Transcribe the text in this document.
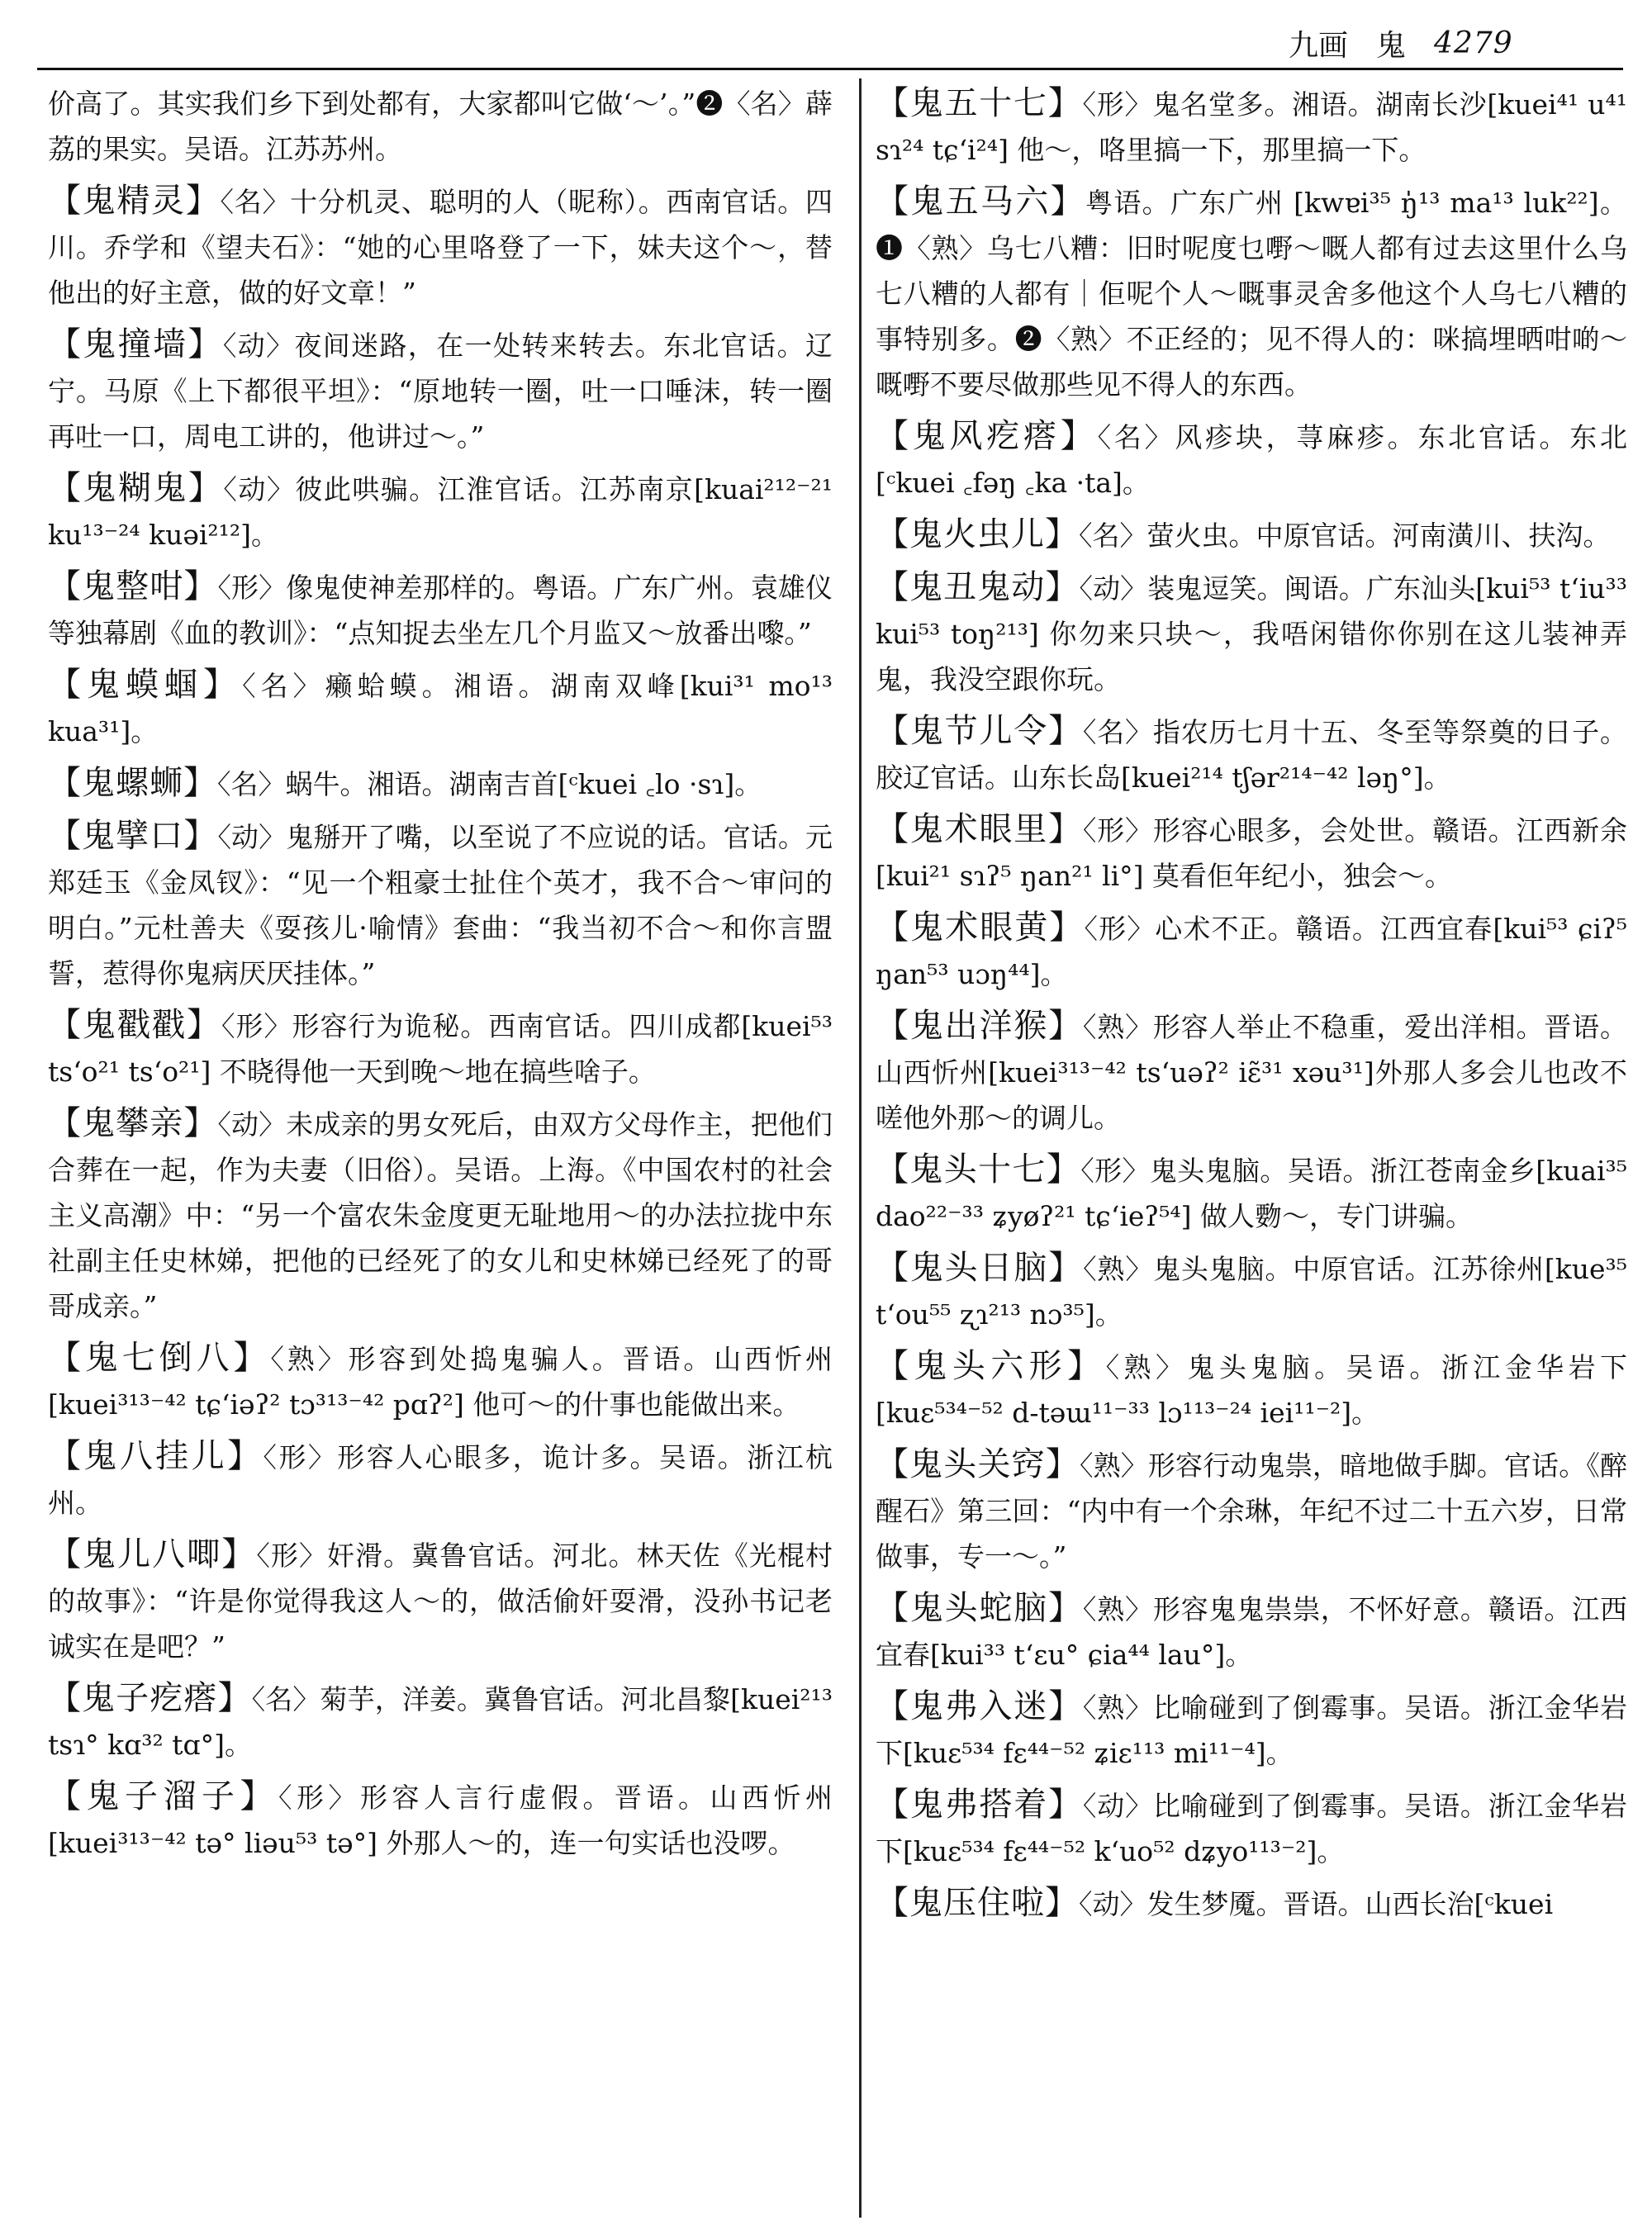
九画 鬼 4279
价高了。其实我们乡下到处都有，大家都叫它做‘～’。”❷〈名〉薜荔的果实。吴语。江苏苏州。
【鬼精灵】〈名〉十分机灵、聪明的人（昵称）。西南官话。四川。乔学和《望夫石》：“她的心里咯登了一下，妹夫这个～，替他出的好主意，做的好文章！”
【鬼撞墙】〈动〉夜间迷路，在一处转来转去。东北官话。辽宁。马原《上下都很平坦》：“原地转一圈，吐一口唾沫，转一圈再吐一口，周电工讲的，他讲过～。”
【鬼糊鬼】〈动〉彼此哄骗。江淮官话。江苏南京[kuai²¹²⁻²¹ ku¹³⁻²⁴ kuəi²¹²]。
【鬼整咁】〈形〉像鬼使神差那样的。粤语。广东广州。袁雄仪等独幕剧《血的教训》：“点知捉去坐左几个月监又～放番出嚟。”
【鬼蟆蝈】〈名〉癞蛤蟆。湘语。湖南双峰[kui³¹ mo¹³ kua³¹]。
【鬼螺蛳】〈名〉蜗牛。湘语。湖南吉首[ᶜkuei ꜀lo ·sɿ]。
【鬼擘口】〈动〉鬼掰开了嘴，以至说了不应说的话。官话。元郑廷玉《金凤钗》：“见一个粗豪士扯住个英才，我不合～审问的明白。”元杜善夫《耍孩儿·喻情》套曲：“我当初不合～和你言盟誓，惹得你鬼病厌厌挂体。”
【鬼戳戳】〈形〉形容行为诡秘。西南官话。四川成都[kuei⁵³ tsʻo²¹ tsʻo²¹] 不晓得他一天到晚～地在搞些啥子。
【鬼攀亲】〈动〉未成亲的男女死后，由双方父母作主，把他们合葬在一起，作为夫妻（旧俗）。吴语。上海。《中国农村的社会主义高潮》中：“另一个富农朱金度更无耻地用～的办法拉拢中东社副主任史林娣，把他的已经死了的女儿和史林娣已经死了的哥哥成亲。”
【鬼七倒八】〈熟〉形容到处捣鬼骗人。晋语。山西忻州[kuei³¹³⁻⁴² tɕʻiəʔ² tɔ³¹³⁻⁴² pɑʔ²] 他可～的什事也能做出来。
【鬼八挂儿】〈形〉形容人心眼多，诡计多。吴语。浙江杭州。
【鬼儿八唧】〈形〉奸滑。冀鲁官话。河北。林天佐《光棍村的故事》：“许是你觉得我这人～的，做活偷奸耍滑，没孙书记老诚实在是吧？”
【鬼子疙瘩】〈名〉菊芋，洋姜。冀鲁官话。河北昌黎[kuei²¹³ tsɿ° kɑ³² tɑ°]。
【鬼子溜子】〈形〉形容人言行虚假。晋语。山西忻州[kuei³¹³⁻⁴² tə° liəu⁵³ tə°] 外那人～的，连一句实话也没啰。
【鬼五十七】〈形〉鬼名堂多。湘语。湖南长沙[kuei⁴¹ u⁴¹ sɿ²⁴ tɕʻi²⁴] 他～，咯里搞一下，那里搞一下。
【鬼五马六】粤语。广东广州 [kwɐi³⁵ ŋ̍¹³ ma¹³ luk²²]。❶〈熟〉乌七八糟：旧时呢度乜嘢～嘅人都有过去这里什么乌七八糟的人都有｜佢呢个人～嘅事灵舍多他这个人乌七八糟的事特别多。❷〈熟〉不正经的；见不得人的：咪搞埋晒咁啲～嘅嘢不要尽做那些见不得人的东西。
【鬼风疙瘩】〈名〉风疹块，荨麻疹。东北官话。东北[ᶜkuei ꜀fəŋ ꜀ka ·ta]。
【鬼火虫儿】〈名〉萤火虫。中原官话。河南潢川、扶沟。
【鬼丑鬼动】〈动〉装鬼逗笑。闽语。广东汕头[kui⁵³ tʻiu³³ kui⁵³ toŋ²¹³] 你勿来只块～，我唔闲错你你别在这儿装神弄鬼，我没空跟你玩。
【鬼节儿令】〈名〉指农历七月十五、冬至等祭奠的日子。胶辽官话。山东长岛[kuei²¹⁴ tʃər²¹⁴⁻⁴² ləŋ°]。
【鬼术眼里】〈形〉形容心眼多，会处世。赣语。江西新余[kui²¹ sɿʔ⁵ ŋan²¹ li°] 莫看佢年纪小，独会～。
【鬼术眼黄】〈形〉心术不正。赣语。江西宜春[kui⁵³ ɕiʔ⁵ ŋan⁵³ uɔŋ⁴⁴]。
【鬼出洋猴】〈熟〉形容人举止不稳重，爱出洋相。晋语。山西忻州[kuei³¹³⁻⁴² tsʻuəʔ² iɛ̃³¹ xəu³¹]外那人多会儿也改不嗟他外那～的调儿。
【鬼头十七】〈形〉鬼头鬼脑。吴语。浙江苍南金乡[kuai³⁵ dao²²⁻³³ ʑyøʔ²¹ tɕʻieʔ⁵⁴] 做人覅～，专门讲骗。
【鬼头日脑】〈熟〉鬼头鬼脑。中原官话。江苏徐州[kue³⁵ tʻou⁵⁵ ʐɿ²¹³ nɔ³⁵]。
【鬼头六形】〈熟〉鬼头鬼脑。吴语。浙江金华岩下[kuɛ⁵³⁴⁻⁵² d-təɯ¹¹⁻³³ lɔ¹¹³⁻²⁴ iei¹¹⁻²]。
【鬼头关窍】〈熟〉形容行动鬼祟，暗地做手脚。官话。《醉醒石》第三回：“内中有一个余琳，年纪不过二十五六岁，日常做事，专一～。”
【鬼头蛇脑】〈熟〉形容鬼鬼祟祟，不怀好意。赣语。江西宜春[kui³³ tʻɛu° ɕia⁴⁴ lau°]。
【鬼弗入迷】〈熟〉比喻碰到了倒霉事。吴语。浙江金华岩下[kuɛ⁵³⁴ fɛ⁴⁴⁻⁵² ʑiɛ¹¹³ mi¹¹⁻⁴]。
【鬼弗搭着】〈动〉比喻碰到了倒霉事。吴语。浙江金华岩下[kuɛ⁵³⁴ fɛ⁴⁴⁻⁵² kʻuo⁵² dʑyo¹¹³⁻²]。
【鬼压住啦】〈动〉发生梦魇。晋语。山西长治[ᶜkuei
